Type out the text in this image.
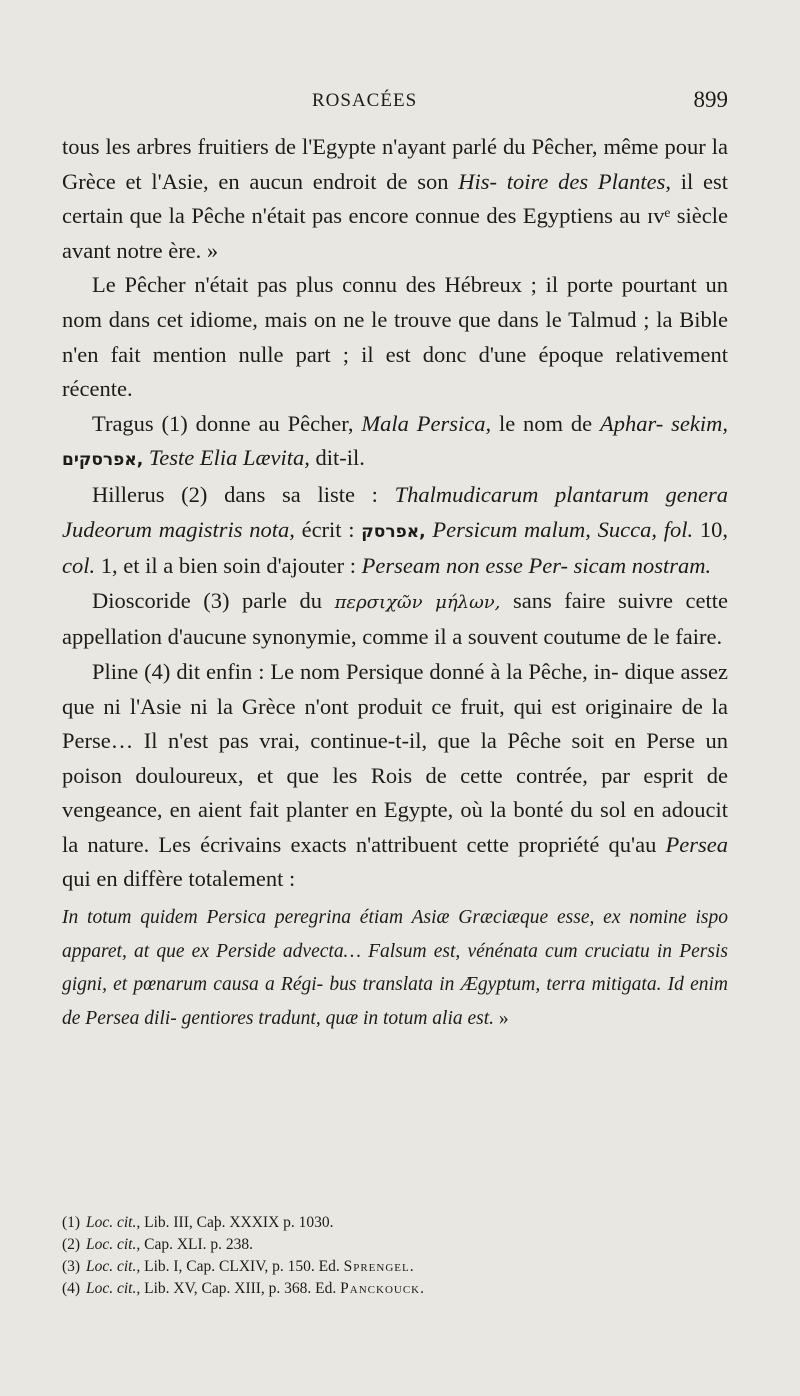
ROSACÉES	899

tous les arbres fruitiers de l'Egypte n'ayant parlé du Pêcher, même pour la Grèce et l'Asie, en aucun endroit de son His- toire des Plantes, il est certain que la Pêche n'était pas encore connue des Egyptiens au ɪvᵉ siècle avant notre ère. »

Le Pêcher n'était pas plus connu des Hébreux ; il porte pourtant un nom dans cet idiome, mais on ne le trouve que dans le Talmud ; la Bible n'en fait mention nulle part ; il est donc d'une époque relativement récente.

Tragus (1) donne au Pêcher, Mala Persica, le nom de Aphar- sekim, אפרסקים, Teste Elia Lævita, dit-il.

Hillerus (2) dans sa liste : Thalmudicarum plantarum genera Judeorum magistris nota, écrit : אפרסק, Persicum malum, Succa, fol. 10, col. 1, et il a bien soin d'ajouter : Perseam non esse Per- sicam nostram.

Dioscoride (3) parle du περσιχῶν μήλων, sans faire suivre cette appellation d'aucune synonymie, comme il a souvent coutume de le faire.

Pline (4) dit enfin : Le nom Persique donné à la Pêche, in- dique assez que ni l'Asie ni la Grèce n'ont produit ce fruit, qui est originaire de la Perse… Il n'est pas vrai, continue-t-il, que la Pêche soit en Perse un poison douloureux, et que les Rois de cette contrée, par esprit de vengeance, en aient fait planter en Egypte, où la bonté du sol en adoucit la nature. Les écrivains exacts n'attribuent cette propriété qu'au Persea qui en diffère totalement :

In totum quidem Persica peregrina étiam Asiæ Græciæque esse, ex nomine ispo apparet, at que ex Perside advecta… Falsum est, vénénata cum cruciatu in Persis gigni, et pœnarum causa a Régi- bus translata in Ægyptum, terra mitigata. Id enim de Persea dili- gentiores tradunt, quæ in totum alia est. »

(1) Loc. cit., Lib. III, Caþ. XXXIX p. 1030.
(2) Loc. cit., Cap. XLI. p. 238.
(3) Loc. cit., Lib. I, Cap. CLXIV, p. 150. Ed. Sprengel.
(4) Loc. cit., Lib. XV, Cap. XIII, p. 368. Ed. Panckouck.
